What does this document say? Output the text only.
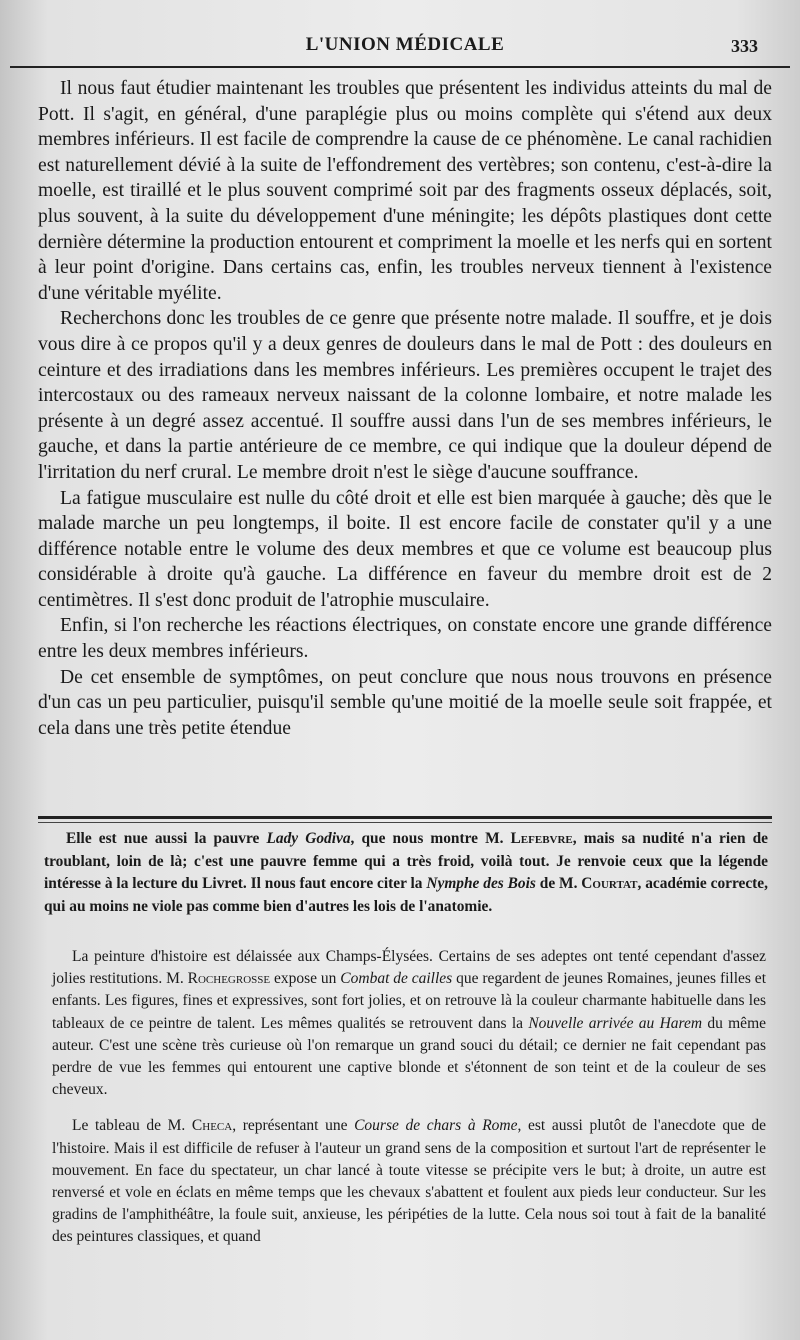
L'UNION MÉDICALE	333

Il nous faut étudier maintenant les troubles que présentent les individus atteints du mal de Pott. Il s'agit, en général, d'une paraplégie plus ou moins complète qui s'étend aux deux membres inférieurs. Il est facile de comprendre la cause de ce phénomène. Le canal rachidien est naturellement dévié à la suite de l'effondrement des vertèbres; son contenu, c'est-à-dire la moelle, est tiraillé et le plus souvent comprimé soit par des fragments osseux déplacés, soit, plus souvent, à la suite du développement d'une méningite; les dépôts plastiques dont cette dernière détermine la production entourent et compriment la moelle et les nerfs qui en sortent à leur point d'origine. Dans certains cas, enfin, les troubles nerveux tiennent à l'existence d'une véritable myélite.

Recherchons donc les troubles de ce genre que présente notre malade. Il souffre, et je dois vous dire à ce propos qu'il y a deux genres de douleurs dans le mal de Pott : des douleurs en ceinture et des irradiations dans les membres inférieurs. Les premières occupent le trajet des intercostaux ou des rameaux nerveux naissant de la colonne lombaire, et notre malade les présente à un degré assez accentué. Il souffre aussi dans l'un de ses membres inférieurs, le gauche, et dans la partie antérieure de ce membre, ce qui indique que la douleur dépend de l'irritation du nerf crural. Le membre droit n'est le siège d'aucune souffrance.

La fatigue musculaire est nulle du côté droit et elle est bien marquée à gauche; dès que le malade marche un peu longtemps, il boite. Il est encore facile de constater qu'il y a une différence notable entre le volume des deux membres et que ce volume est beaucoup plus considérable à droite qu'à gauche. La différence en faveur du membre droit est de 2 centimètres. Il s'est donc produit de l'atrophie musculaire.

Enfin, si l'on recherche les réactions électriques, on constate encore une grande différence entre les deux membres inférieurs.

De cet ensemble de symptômes, on peut conclure que nous nous trouvons en présence d'un cas un peu particulier, puisqu'il semble qu'une moitié de la moelle seule soit frappée, et cela dans une très petite étendue

Elle est nue aussi la pauvre Lady Godiva, que nous montre M. Lefebvre, mais sa nudité n'a rien de troublant, loin de là; c'est une pauvre femme qui a très froid, voilà tout. Je renvoie ceux que la légende intéresse à la lecture du Livret. Il nous faut encore citer la Nymphe des Bois de M. Courtat, académie correcte, qui au moins ne viole pas comme bien d'autres les lois de l'anatomie.

La peinture d'histoire est délaissée aux Champs-Élysées. Certains de ses adeptes ont tenté cependant d'assez jolies restitutions. M. Rochegrosse expose un Combat de cailles que regardent de jeunes Romaines, jeunes filles et enfants. Les figures, fines et expressives, sont fort jolies, et on retrouve là la couleur charmante habituelle dans les tableaux de ce peintre de talent. Les mêmes qualités se retrouvent dans la Nouvelle arrivée au Harem du même auteur. C'est une scène très curieuse où l'on remarque un grand souci du détail; ce dernier ne fait cependant pas perdre de vue les femmes qui entourent une captive blonde et s'étonnent de son teint et de la couleur de ses cheveux.

Le tableau de M. Checa, représentant une Course de chars à Rome, est aussi plutôt de l'anecdote que de l'histoire. Mais il est difficile de refuser à l'auteur un grand sens de la composition et surtout l'art de représenter le mouvement. En face du spectateur, un char lancé à toute vitesse se précipite vers le but; à droite, un autre est renversé et vole en éclats en même temps que les chevaux s'abattent et foulent aux pieds leur conducteur. Sur les gradins de l'amphithéâtre, la foule suit, anxieuse, les péripéties de la lutte. Cela nous soi tout à fait de la banalité des peintures classiques, et quand
